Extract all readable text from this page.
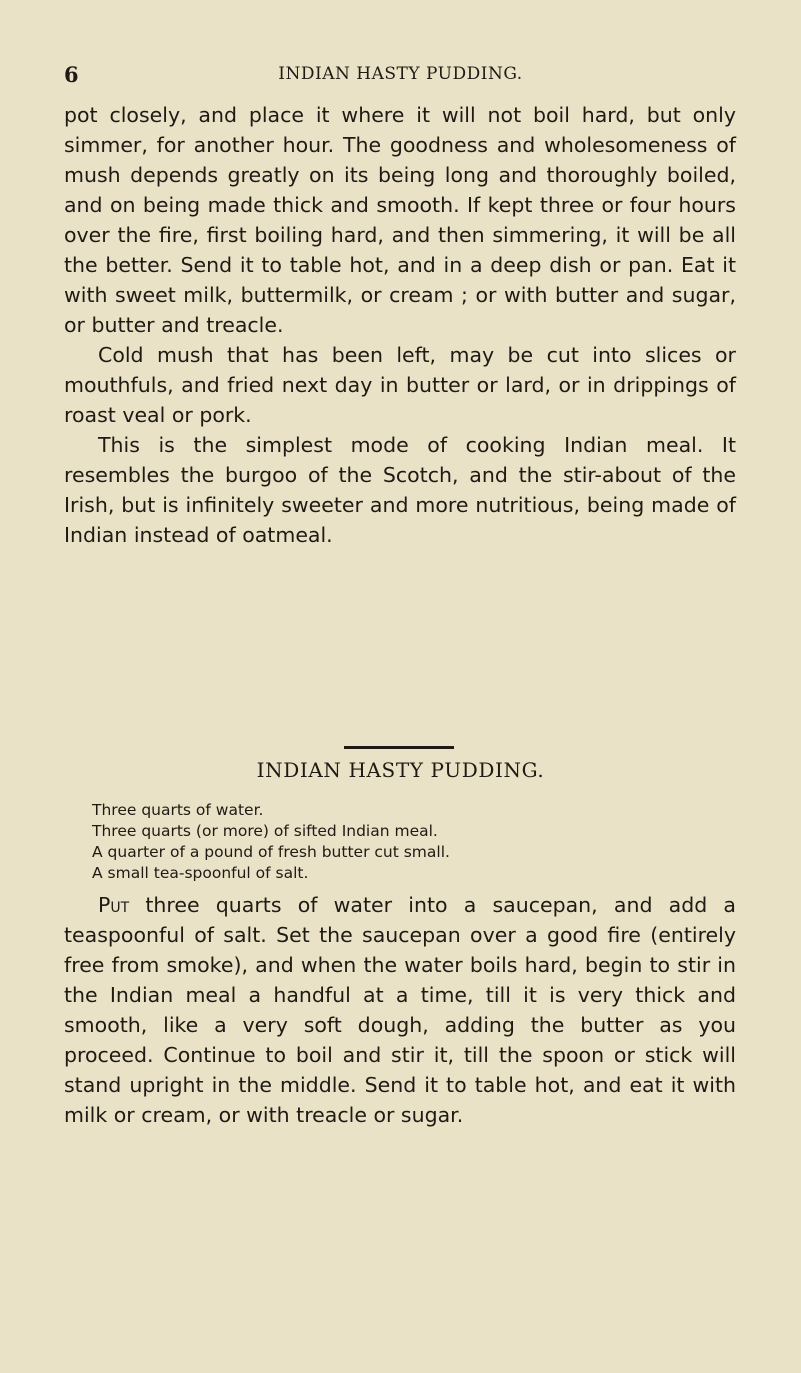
6	INDIAN HASTY PUDDING.

pot closely, and place it where it will not boil hard, but only simmer, for another hour. The goodness and wholesomeness of mush depends greatly on its being long and thoroughly boiled, and on being made thick and smooth. If kept three or four hours over the fire, first boiling hard, and then simmering, it will be all the better. Send it to table hot, and in a deep dish or pan. Eat it with sweet milk, buttermilk, or cream ; or with butter and sugar, or butter and treacle.

Cold mush that has been left, may be cut into slices or mouthfuls, and fried next day in butter or lard, or in drippings of roast veal or pork.

This is the simplest mode of cooking Indian meal. It resembles the burgoo of the Scotch, and the stir-about of the Irish, but is infinitely sweeter and more nutritious, being made of Indian instead of oatmeal.

INDIAN HASTY PUDDING.
Three quarts of water.
Three quarts (or more) of sifted Indian meal.
A quarter of a pound of fresh butter cut small.
A small tea-spoonful of salt.

Put three quarts of water into a saucepan, and add a teaspoonful of salt. Set the saucepan over a good fire (entirely free from smoke), and when the water boils hard, begin to stir in the Indian meal a handful at a time, till it is very thick and smooth, like a very soft dough, adding the butter as you proceed. Continue to boil and stir it, till the spoon or stick will stand upright in the middle. Send it to table hot, and eat it with milk or cream, or with treacle or sugar.
